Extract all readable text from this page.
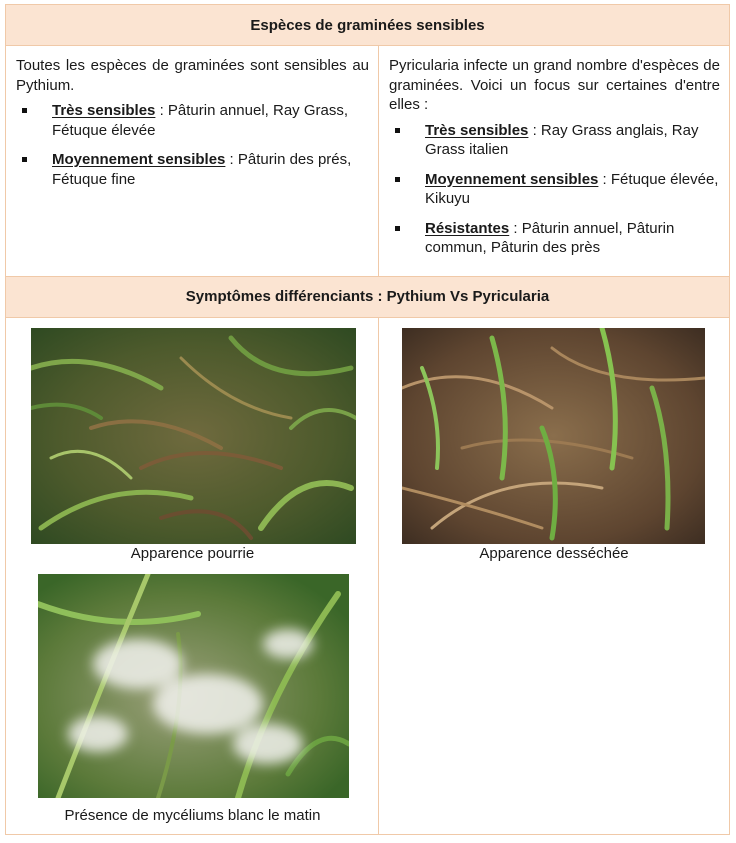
Espèces de graminées sensibles
Toutes les espèces de graminées sont sensibles au Pythium.
Très sensibles : Pâturin annuel, Ray Grass, Fétuque élevée
Moyennement sensibles : Pâturin des prés, Fétuque fine
Pyricularia infecte un grand nombre d'espèces de graminées. Voici un focus sur certaines d'entre elles :
Très sensibles : Ray Grass anglais, Ray Grass italien
Moyennement sensibles : Fétuque élevée, Kikuyu
Résistantes : Pâturin annuel, Pâturin commun, Pâturin des près
Symptômes différenciants : Pythium Vs Pyricularia
Apparence pourrie
Présence de mycéliums blanc le matin
Apparence desséchée
